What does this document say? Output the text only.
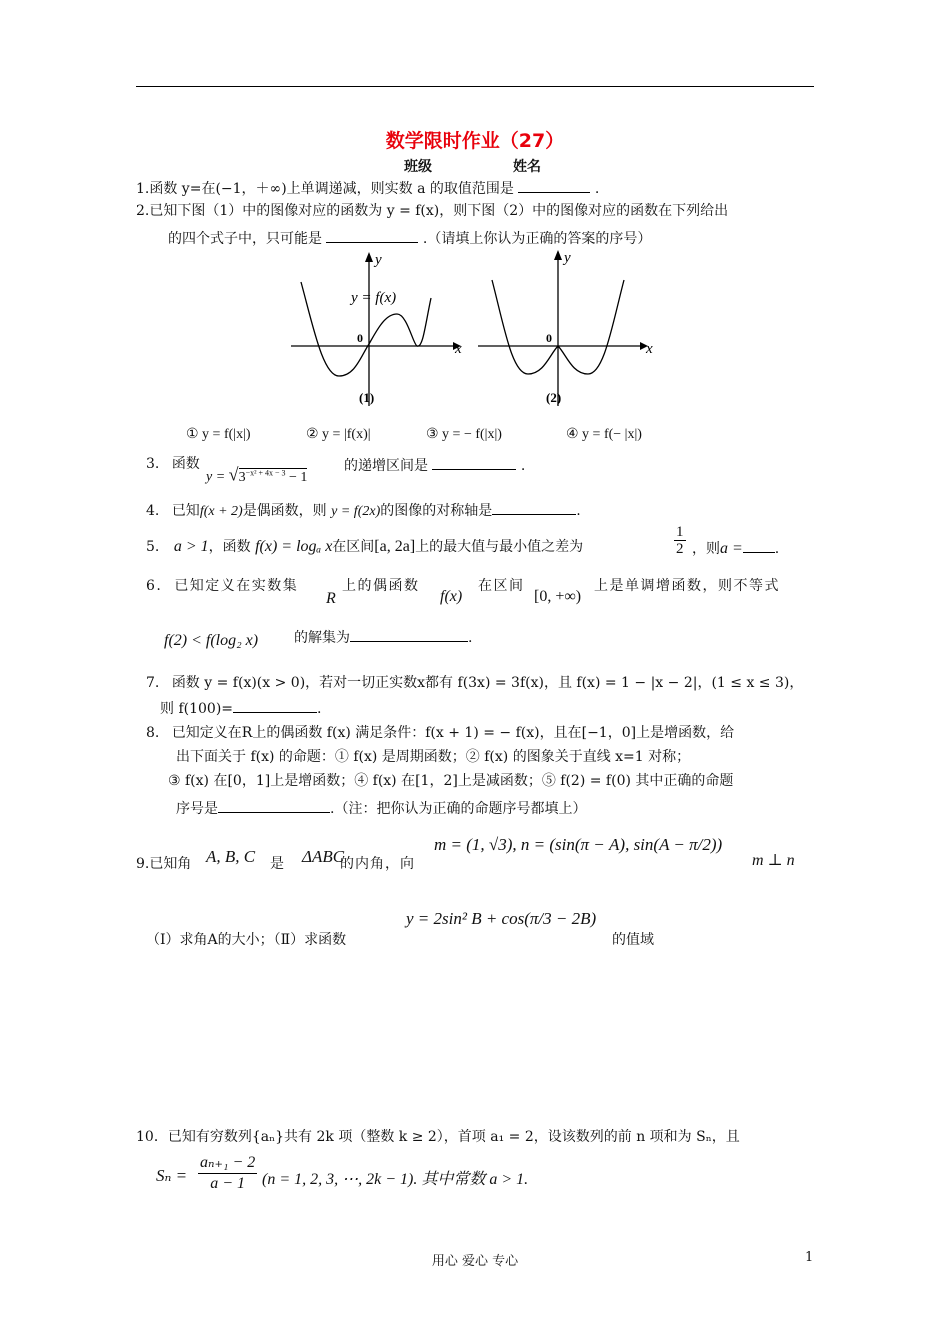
数学限时作业（27）
班级	姓名
1.函数 y=在(−1，＋∞)上单调递减，则实数 a 的取值范围是	.
2.已知下图（1）中的图像对应的函数为 y = f(x)，则下图（2）中的图像对应的函数在下列给出
的四个式子中，只可能是	.（请填上你认为正确的答案的序号）
y
x
0
y = f(x)
(1)
y
x
0
(2)
① y = f(|x|)	② y = |f(x)|	③ y = − f(|x|)	④ y = f(− |x|)
3. 函数
$y = √3^{-x^2 + 4x - 3} - 1$
的递增区间是	.
4. 已知f(x + 2)是偶函数，则 y = f(2x)的图像的对称轴是	.
5. a > 1，函数 f(x) = logₐ x在区间[a, 2a]上的最大值与最小值之差为	$\frac{1}{2}$ ，则a = .
6. 已知定义在实数集
R
上的偶函数
f(x)
在区间
[0, +∞)
上是单调增函数，则不等式
f(2) < f(log₂ x)	的解集为	.
7. 函数 y = f(x)(x > 0)，若对一切正实数x都有 f(3x) = 3f(x)，且 f(x) = 1 − |x − 2|，(1 ≤ x ≤ 3)，
则 f(100)=	.
8. 已知定义在R上的偶函数 f(x) 满足条件：f(x + 1) = − f(x)，且在[−1，0]上是增函数，给
出下面关于 f(x) 的命题：① f(x) 是周期函数；② f(x) 的图象关于直线 x=1 对称；
③ f(x) 在[0，1]上是增函数；④ f(x) 在[1，2]上是减函数；⑤ f(2) = f(0) 其中正确的命题
序号是	.（注：把你认为正确的命题序号都填上）
9.已知角 A, B, C 是 ΔABC
的内角，向
m = (1, √3), n = (sin(π − A), sin(A − π/2))
m ⊥ n
y = 2sin² B + cos(π/3 − 2B)
（Ⅰ）求角A的大小；（Ⅱ）求函数	的值域
10．已知有穷数列{aₙ}共有 2k 项（整数 k ≥ 2），首项 a₁ = 2，设该数列的前 n 项和为 Sₙ，且
$S_n = \frac{\text{aₙ₊₁ − 2}}{a - 1} (n = 1$, 2, 3, ⋯, 2k − 1). 其中常数 a > 1.
用心 爱心 专心	1
